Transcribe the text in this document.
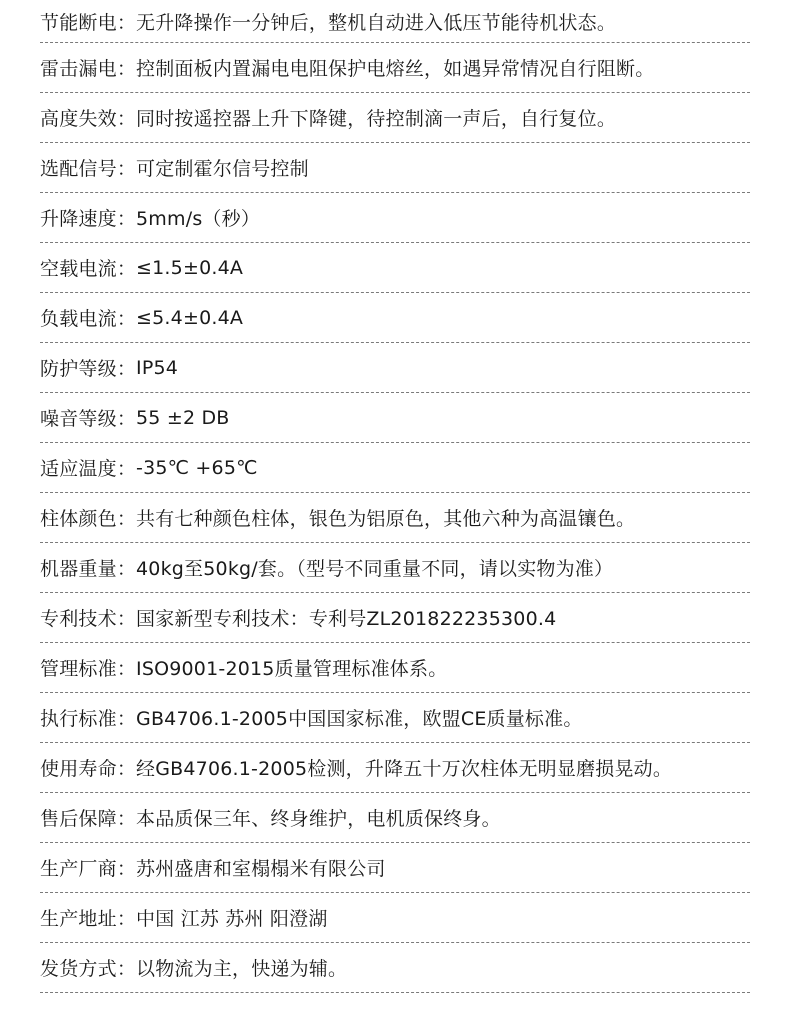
节能断电 ： 无升降操作一分钟后，整机自动进入低压节能待机状态。
雷击漏电 ： 控制面板内置漏电电阻保护电熔丝，如遇异常情况自行阻断。
高度失效 ： 同时按遥控器上升下降键，待控制滴一声后，自行复位。
选配信号 ： 可定制霍尔信号控制
升降速度 ： 5mm/s（秒）
空载电流 ： ≤1.5±0.4A
负载电流 ： ≤5.4±0.4A
防护等级 ： IP54
噪音等级 ： 55 ±2 DB
适应温度 ： -35℃ +65℃
柱体颜色 ： 共有七种颜色柱体，银色为铝原色，其他六种为高温镶色。
机器重量 ： 40kg至50kg/套。（型号不同重量不同，请以实物为准）
专利技术 ： 国家新型专利技术：专利号ZL201822235300.4
管理标准 ： ISO9001-2015质量管理标准体系。
执行标准 ： GB4706.1-2005中国国家标准，欧盟CE质量标准。
使用寿命 ： 经GB4706.1-2005检测，升降五十万次柱体无明显磨损晃动。
售后保障 ： 本品质保三年、终身维护，电机质保终身。
生产厂商 ： 苏州盛唐和室榻榻米有限公司
生产地址 ： 中国 江苏 苏州 阳澄湖
发货方式 ： 以物流为主，快递为辅。
